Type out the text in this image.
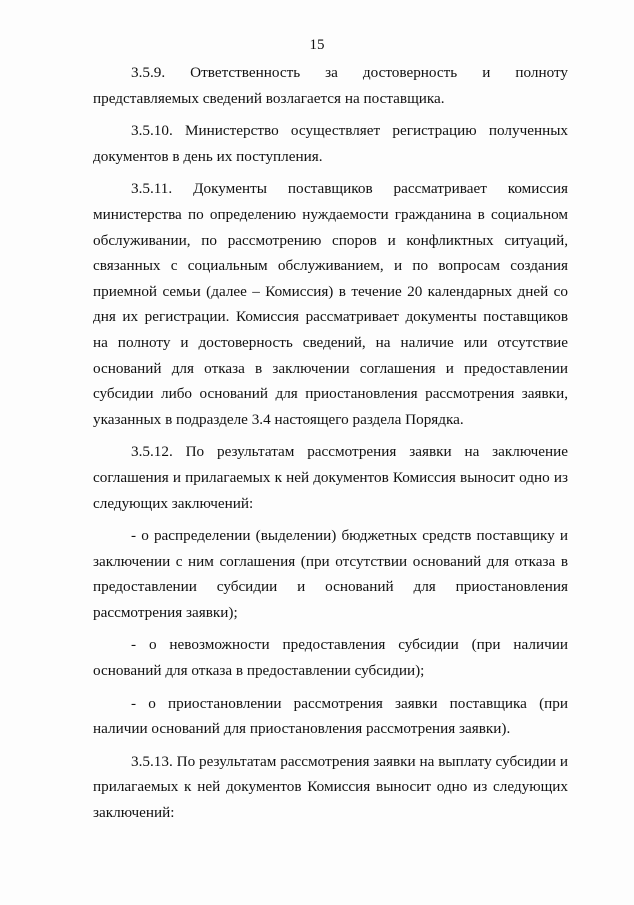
15

3.5.9. Ответственность за достоверность и полноту представляемых сведений возлагается на поставщика.

3.5.10. Министерство осуществляет регистрацию полученных документов в день их поступления.

3.5.11. Документы поставщиков рассматривает комиссия министерства по определению нуждаемости гражданина в социальном обслуживании, по рассмотрению споров и конфликтных ситуаций, связанных с социальным обслуживанием, и по вопросам создания приемной семьи (далее – Комиссия) в течение 20 календарных дней со дня их регистрации. Комиссия рассматривает документы поставщиков на полноту и достоверность сведений, на наличие или отсутствие оснований для отказа в заключении соглашения и предоставлении субсидии либо оснований для приостановления рассмотрения заявки, указанных в подразделе 3.4 настоящего раздела Порядка.

3.5.12. По результатам рассмотрения заявки на заключение соглашения и прилагаемых к ней документов Комиссия выносит одно из следующих заключений:

- о распределении (выделении) бюджетных средств поставщику и заключении с ним соглашения (при отсутствии оснований для отказа в предоставлении субсидии и оснований для приостановления рассмотрения заявки);

- о невозможности предоставления субсидии (при наличии оснований для отказа в предоставлении субсидии);

- о приостановлении рассмотрения заявки поставщика (при наличии оснований для приостановления рассмотрения заявки).

3.5.13. По результатам рассмотрения заявки на выплату субсидии и прилагаемых к ней документов Комиссия выносит одно из следующих заключений:
